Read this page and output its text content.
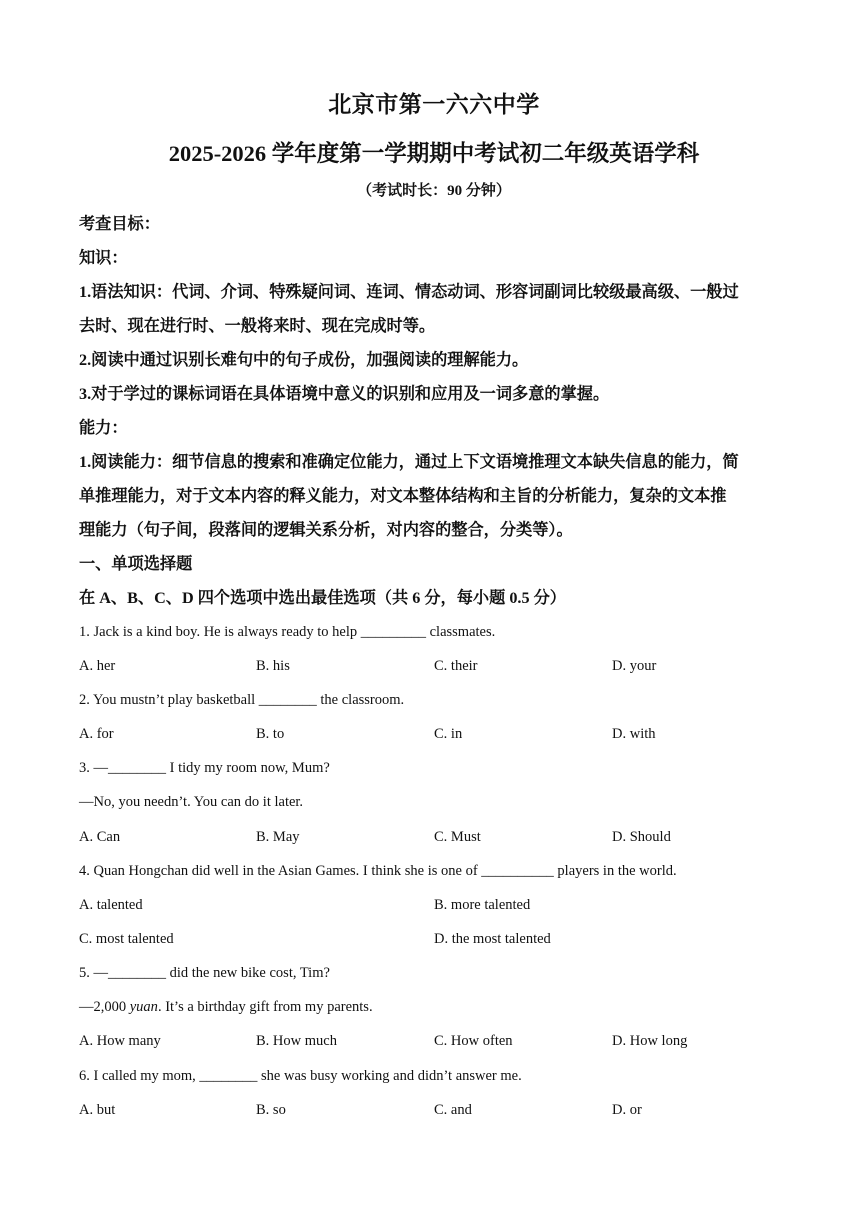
北京市第一六六中学
2025-2026 学年度第一学期期中考试初二年级英语学科
（考试时长：90 分钟）
考查目标：
知识：
1.语法知识：代词、介词、特殊疑问词、连词、情态动词、形容词副词比较级最高级、一般过
去时、现在进行时、一般将来时、现在完成时等。
2.阅读中通过识别长难句中的句子成份，加强阅读的理解能力。
3.对于学过的课标词语在具体语境中意义的识别和应用及一词多意的掌握。
能力：
1.阅读能力：细节信息的搜索和准确定位能力，通过上下文语境推理文本缺失信息的能力，简
单推理能力，对于文本内容的释义能力，对文本整体结构和主旨的分析能力，复杂的文本推
理能力（句子间，段落间的逻辑关系分析，对内容的整合，分类等）。
一、单项选择题
在 A、B、C、D 四个选项中选出最佳选项（共 6 分，每小题 0.5 分）
1. Jack is a kind boy. He is always ready to help _________ classmates.
A. her	B. his	C. their	D. your
2. You mustn’t play basketball ________ the classroom.
A. for	B. to	C. in	D. with
3. —________ I tidy my room now, Mum?
—No, you needn’t. You can do it later.
A. Can	B. May	C. Must	D. Should
4. Quan Hongchan did well in the Asian Games. I think she is one of __________ players in the world.
A. talented	B. more talented
C. most talented	D. the most talented
5. —________ did the new bike cost, Tim?
—2,000 yuan. It’s a birthday gift from my parents.
A. How many	B. How much	C. How often	D. How long
6. I called my mom, ________ she was busy working and didn’t answer me.
A. but	B. so	C. and	D. or
